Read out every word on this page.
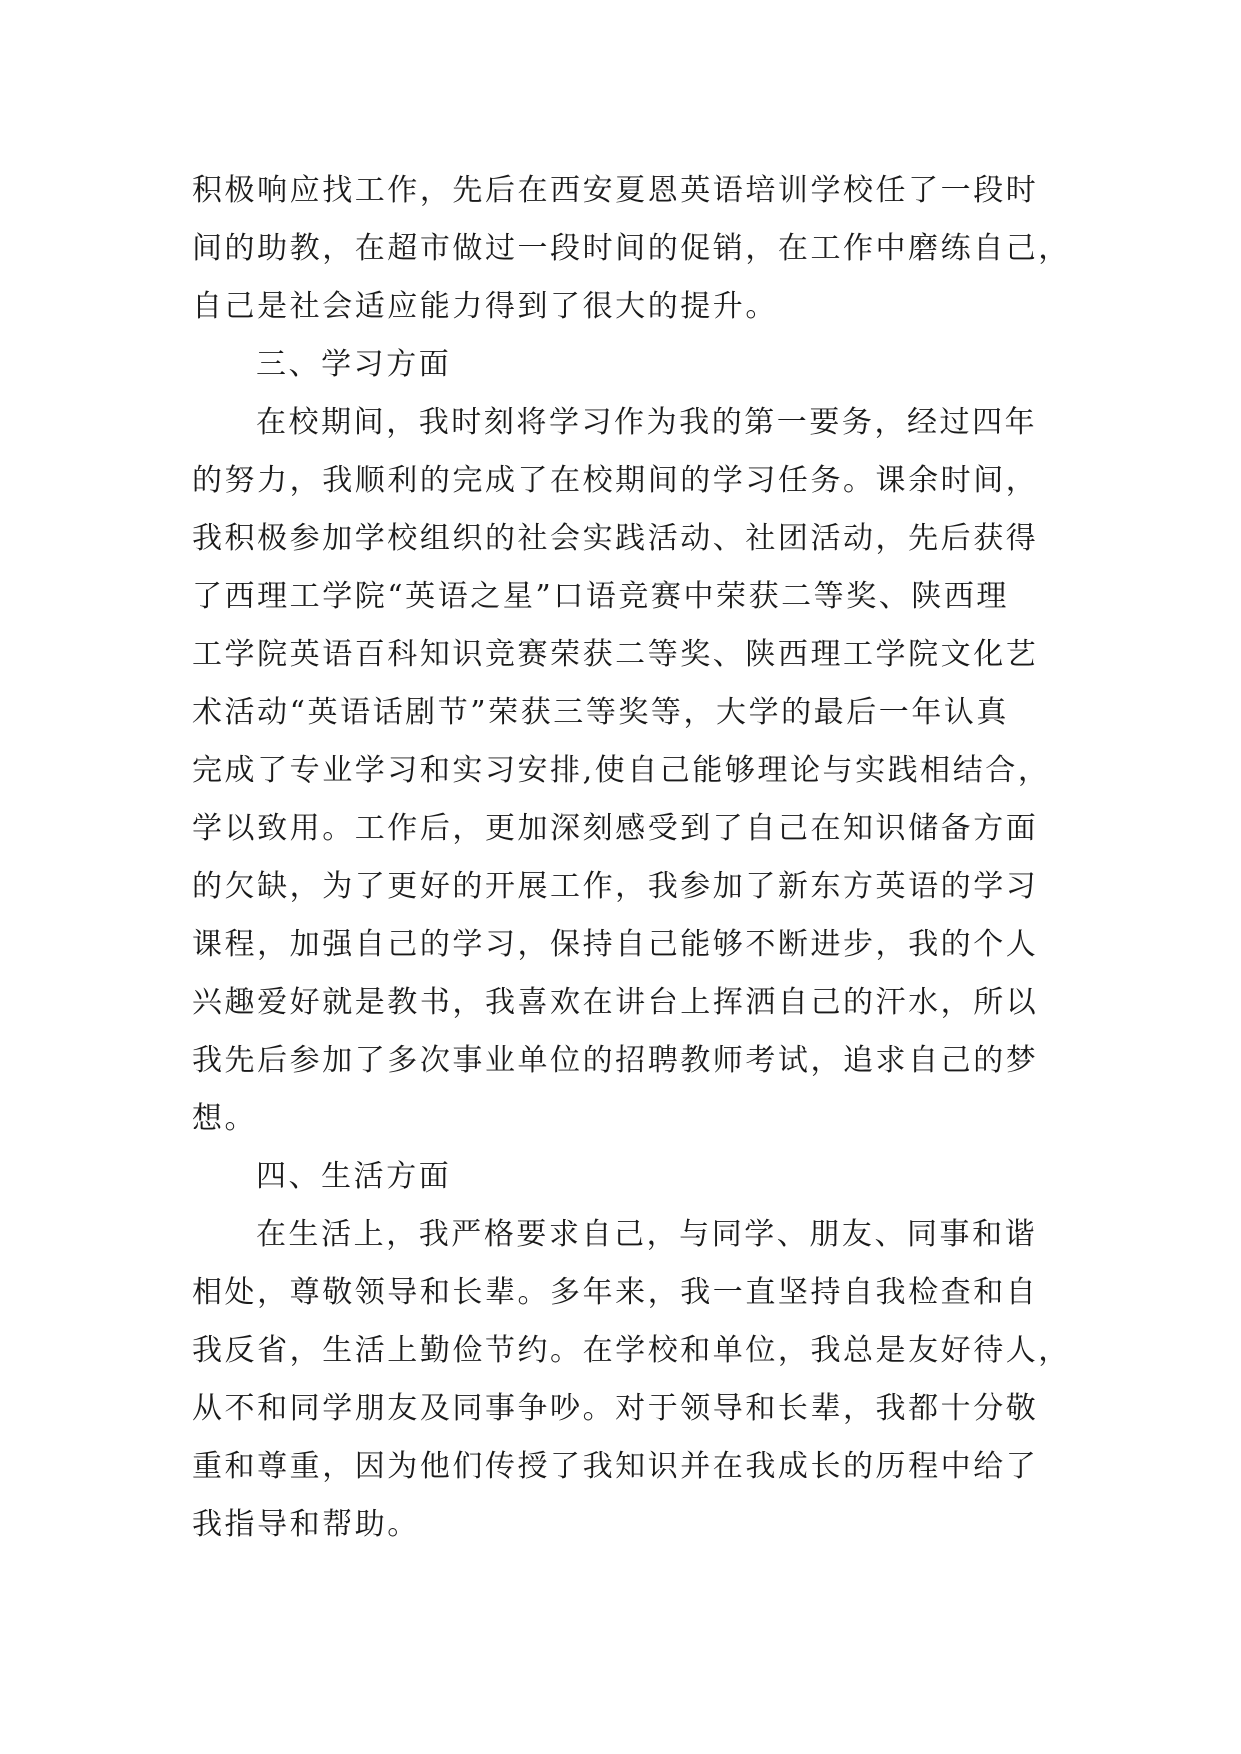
积极响应找工作，先后在西安夏恩英语培训学校任了一段时

间的助教，在超市做过一段时间的促销，在工作中磨练自己，

自己是社会适应能力得到了很大的提升。

三、学习方面

在校期间，我时刻将学习作为我的第一要务，经过四年

的努力，我顺利的完成了在校期间的学习任务。课余时间，

我积极参加学校组织的社会实践活动、社团活动，先后获得

了西理工学院“英语之星”口语竞赛中荣获二等奖、陕西理

工学院英语百科知识竞赛荣获二等奖、陕西理工学院文化艺

术活动“英语话剧节”荣获三等奖等，大学的最后一年认真

完成了专业学习和实习安排,使自己能够理论与实践相结合，

学以致用。工作后，更加深刻感受到了自己在知识储备方面

的欠缺，为了更好的开展工作，我参加了新东方英语的学习

课程，加强自己的学习，保持自己能够不断进步，我的个人

兴趣爱好就是教书，我喜欢在讲台上挥洒自己的汗水，所以

我先后参加了多次事业单位的招聘教师考试，追求自己的梦

想。

四、生活方面

在生活上，我严格要求自己，与同学、朋友、同事和谐

相处，尊敬领导和长辈。多年来，我一直坚持自我检查和自

我反省，生活上勤俭节约。在学校和单位，我总是友好待人，

从不和同学朋友及同事争吵。对于领导和长辈，我都十分敬

重和尊重，因为他们传授了我知识并在我成长的历程中给了

我指导和帮助。
